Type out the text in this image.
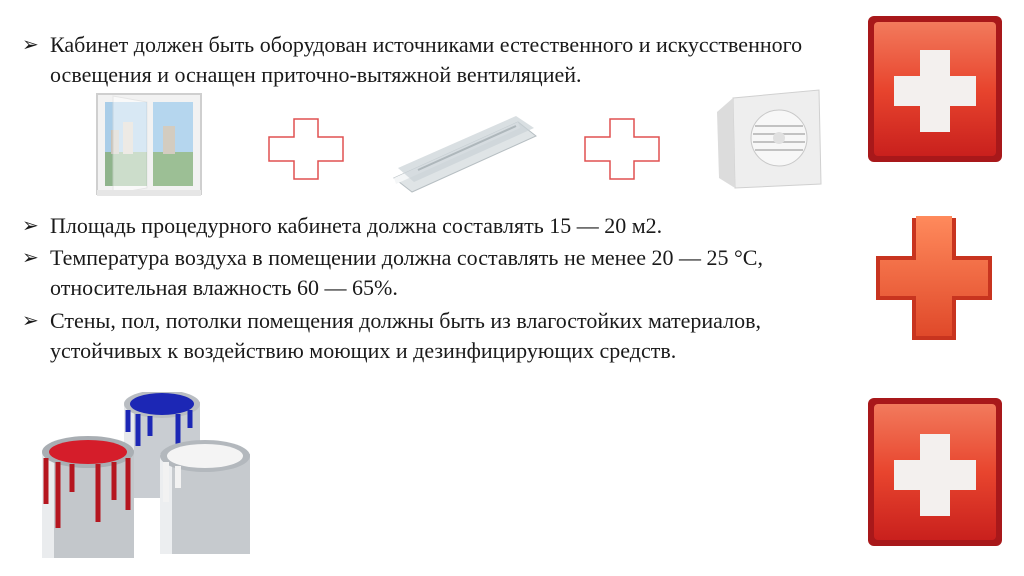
➢ Кабинет должен быть оборудован источниками естественного и искусственного освещения и оснащен приточно-вытяжной вентиляцией.
➢ Площадь процедурного кабинета должна составлять 15 — 20 м2.
➢ Температура воздуха в помещении должна составлять не менее 20 — 25 °С, относительная влажность 60 — 65%.
➢ Стены, пол, потолки помещения должны быть из влагостойких материалов, устойчивых к воздействию моющих и дезинфицирующих средств.
